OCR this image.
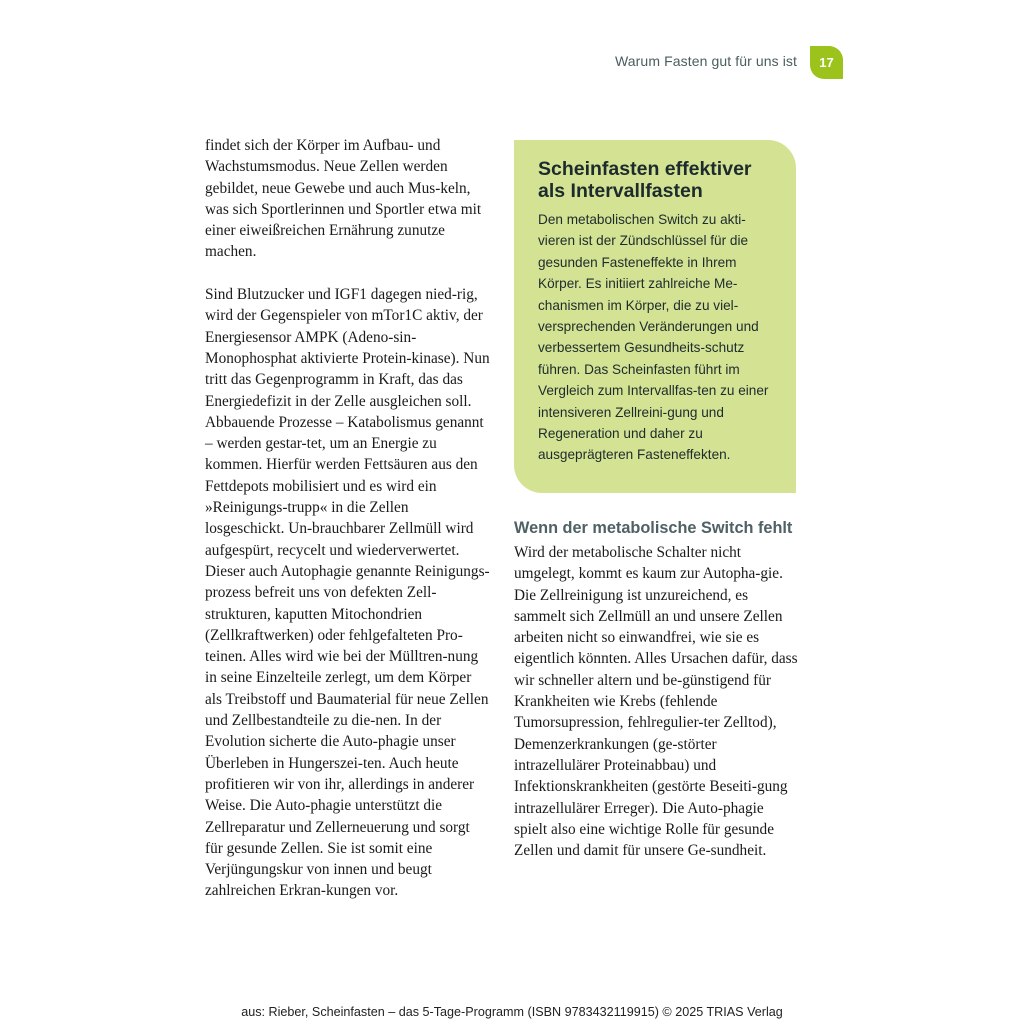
Warum Fasten gut für uns ist	17

findet sich der Körper im Aufbau- und Wachstumsmodus. Neue Zellen werden gebildet, neue Gewebe und auch Mus-keln, was sich Sportlerinnen und Sportler etwa mit einer eiweißreichen Ernährung zunutze machen.

Sind Blutzucker und IGF1 dagegen nied-rig, wird der Gegenspieler von mTor1C aktiv, der Energiesensor AMPK (Adeno-sin-Monophosphat aktivierte Protein-kinase). Nun tritt das Gegenprogramm in Kraft, das das Energiedefizit in der Zelle ausgleichen soll. Abbauende Prozesse – Katabolismus genannt – werden gestar-tet, um an Energie zu kommen. Hierfür werden Fettsäuren aus den Fettdepots mobilisiert und es wird ein »Reinigungs-trupp« in die Zellen losgeschickt. Un-brauchbarer Zellmüll wird aufgespürt, recycelt und wiederverwertet. Dieser auch Autophagie genannte Reinigungs-prozess befreit uns von defekten Zell-strukturen, kaputten Mitochondrien (Zellkraftwerken) oder fehlgefalteten Pro-teinen. Alles wird wie bei der Mülltren-nung in seine Einzelteile zerlegt, um dem Körper als Treibstoff und Baumaterial für neue Zellen und Zellbestandteile zu die-nen. In der Evolution sicherte die Auto-phagie unser Überleben in Hungerszei-ten. Auch heute profitieren wir von ihr, allerdings in anderer Weise. Die Auto-phagie unterstützt die Zellreparatur und Zellerneuerung und sorgt für gesunde Zellen. Sie ist somit eine Verjüngungskur von innen und beugt zahlreichen Erkran-kungen vor.

Scheinfasten effektiver als Intervallfasten

Den metabolischen Switch zu akti-vieren ist der Zündschlüssel für die gesunden Fasteneffekte in Ihrem Körper. Es initiiert zahlreiche Me-chanismen im Körper, die zu viel-versprechenden Veränderungen und verbessertem Gesundheits-schutz führen. Das Scheinfasten führt im Vergleich zum Intervallfas-ten zu einer intensiveren Zellreini-gung und Regeneration und daher zu ausgeprägteren Fasteneffekten.

Wenn der metabolische Switch fehlt

Wird der metabolische Schalter nicht umgelegt, kommt es kaum zur Autopha-gie. Die Zellreinigung ist unzureichend, es sammelt sich Zellmüll an und unsere Zellen arbeiten nicht so einwandfrei, wie sie es eigentlich könnten. Alles Ursachen dafür, dass wir schneller altern und be-günstigend für Krankheiten wie Krebs (fehlende Tumorsupression, fehlregulier-ter Zelltod), Demenzerkrankungen (ge-störter intrazellulärer Proteinabbau) und Infektionskrankheiten (gestörte Beseiti-gung intrazellulärer Erreger). Die Auto-phagie spielt also eine wichtige Rolle für gesunde Zellen und damit für unsere Ge-sundheit.

aus: Rieber, Scheinfasten – das 5-Tage-Programm (ISBN 9783432119915) © 2025 TRIAS Verlag
